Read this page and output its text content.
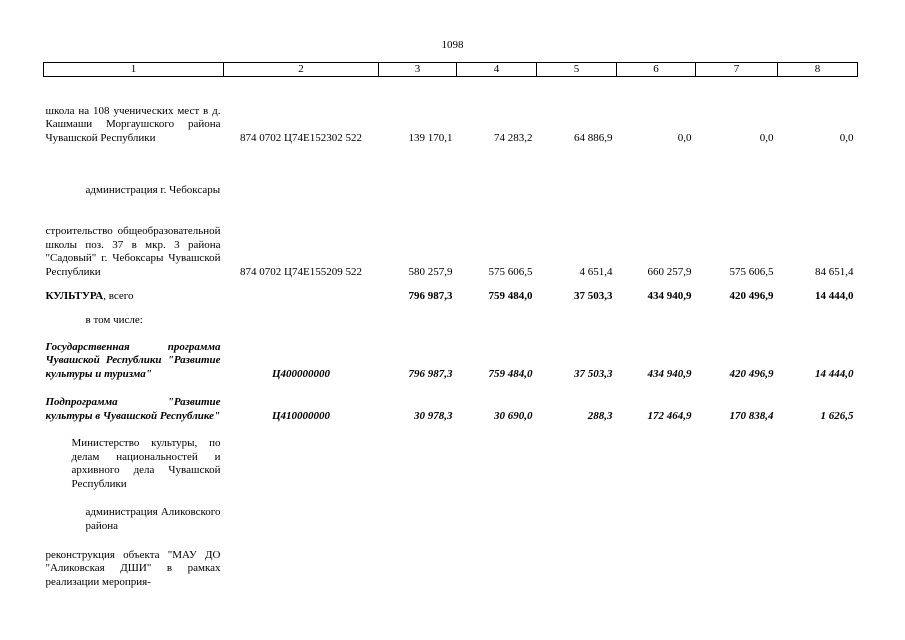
1098
1	2	3	4	5	6	7	8
школа на 108 ученических мест в д. Кашмаши Моргаушского района Чувашской Республики	874 0702 Ц74Е152302 522	139 170,1	74 283,2	64 886,9	0,0	0,0	0,0

администрация г. Чебоксары							

строительство общеобразовательной школы поз. 37 в мкр. 3 района "Садовый" г. Чебоксары Чувашской Республики	874 0702 Ц74Е155209 522	580 257,9	575 606,5	4 651,4	660 257,9	575 606,5	84 651,4
КУЛЬТУРА, всего		796 987,3	759 484,0	37 503,3	434 940,9	420 496,9	14 444,0

в том числе:							

Государственная программа Чувашской Республики "Развитие культуры и туризма"	Ц400000000	796 987,3	759 484,0	37 503,3	434 940,9	420 496,9	14 444,0
Подпрограмма "Развитие культуры в Чувашской Республике"	Ц410000000	30 978,3	30 690,0	288,3	172 464,9	170 838,4	1 626,5

Министерство культуры, по делам национальностей и архивного дела Чувашской Республики							

администрация Аликовского района							

реконструкция объекта "МАУ ДО "Аликовская ДШИ" в рамках реализации мероприя-							
